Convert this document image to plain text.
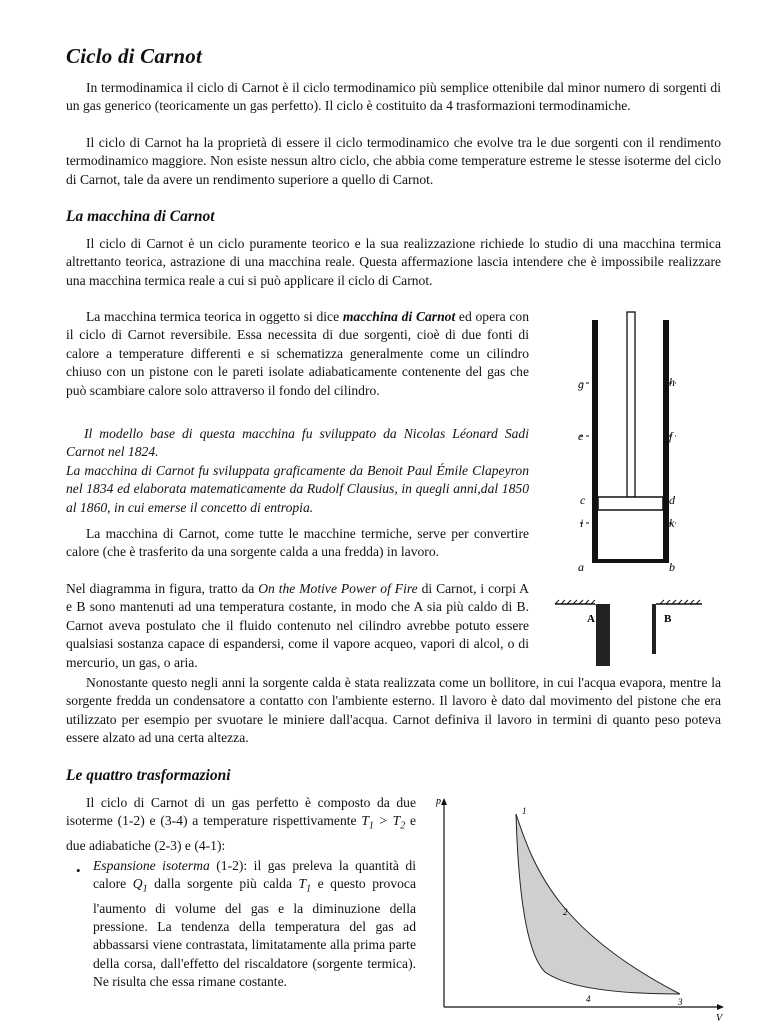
Ciclo di Carnot

In termodinamica il ciclo di Carnot è il ciclo termodinamico più semplice ottenibile dal minor numero di sorgenti di un gas generico (teoricamente un gas perfetto). Il ciclo è costituito da 4 trasformazioni termodinamiche.

Il ciclo di Carnot ha la proprietà di essere il ciclo termodinamico che evolve tra le due sorgenti con il rendimento termodinamico maggiore. Non esiste nessun altro ciclo, che abbia come temperature estreme le stesse isoterme del ciclo di Carnot, tale da avere un rendimento superiore a quello di Carnot.

La macchina di Carnot

Il ciclo di Carnot è un ciclo puramente teorico e la sua realizzazione richiede lo studio di una macchina termica altrettanto teorica, astrazione di una macchina reale. Questa affermazione lascia intendere che è impossibile realizzare una macchina termica reale a cui si può applicare il ciclo di Carnot.

La macchina termica teorica in oggetto si dice macchina di Carnot ed opera con il ciclo di Carnot reversibile. Essa necessita di due sorgenti, cioè di due fonti di calore a temperature differenti e si schematizza generalmente come un cilindro chiuso con un pistone con le pareti isolate adiabaticamente contenente del gas che può scambiare calore solo attraverso il fondo del cilindro.

Il modello base di questa macchina fu sviluppato da Nicolas Léonard Sadi Carnot nel 1824.

La macchina di Carnot fu sviluppata graficamente da Benoit Paul Émile Clapeyron nel 1834 ed elaborata matematicamente da Rudolf Clausius, in quegli anni,dal 1850 al 1860, in cui emerse il concetto di entropia.

La macchina di Carnot, come tutte le macchine termiche, serve per convertire calore (che è trasferito da una sorgente calda a una fredda) in lavoro.

Nel diagramma in figura, tratto da On the Motive Power of Fire di Carnot, i corpi A e B sono mantenuti ad una temperatura costante, in modo che A sia più caldo di B. Carnot aveva postulato che il fluido contenuto nel cilindro avrebbe potuto essere qualsiasi sostanza capace di espandersi, come il vapore acqueo, vapori di alcol, o di mercurio, un gas, o aria.

Nonostante questo negli anni la sorgente calda è stata realizzata come un bollitore, in cui l'acqua evapora, mentre la sorgente fredda un condensatore a contatto con l'ambiente esterno. Il lavoro è dato dal movimento del pistone che era utilizzato per esempio per svuotare le miniere dall'acqua. Carnot definiva il lavoro in termini di quanto peso poteva essere alzato ad una certa altezza.

g	h
e	f
c	d
i	k
a	b
A	B
Le quattro trasformazioni

Il ciclo di Carnot di un gas perfetto è composto da due isoterme (1-2) e (3-4) a temperature rispettivamente $T_1 > T_2$ e due adiabatiche (2-3) e (4-1):

• Espansione isoterma (1-2): il gas preleva la quantità di calore $Q_1$ dalla sorgente più calda $T_1$ e questo provoca l'aumento di volume del gas e la diminuzione della pressione. La tendenza della temperatura del gas ad abbassarsi viene contrastata, limitatamente alla prima parte della corsa, dall'effetto del riscaldatore (sorgente termica). Ne risulta che essa rimane costante.

p
V
1
2
3
4
